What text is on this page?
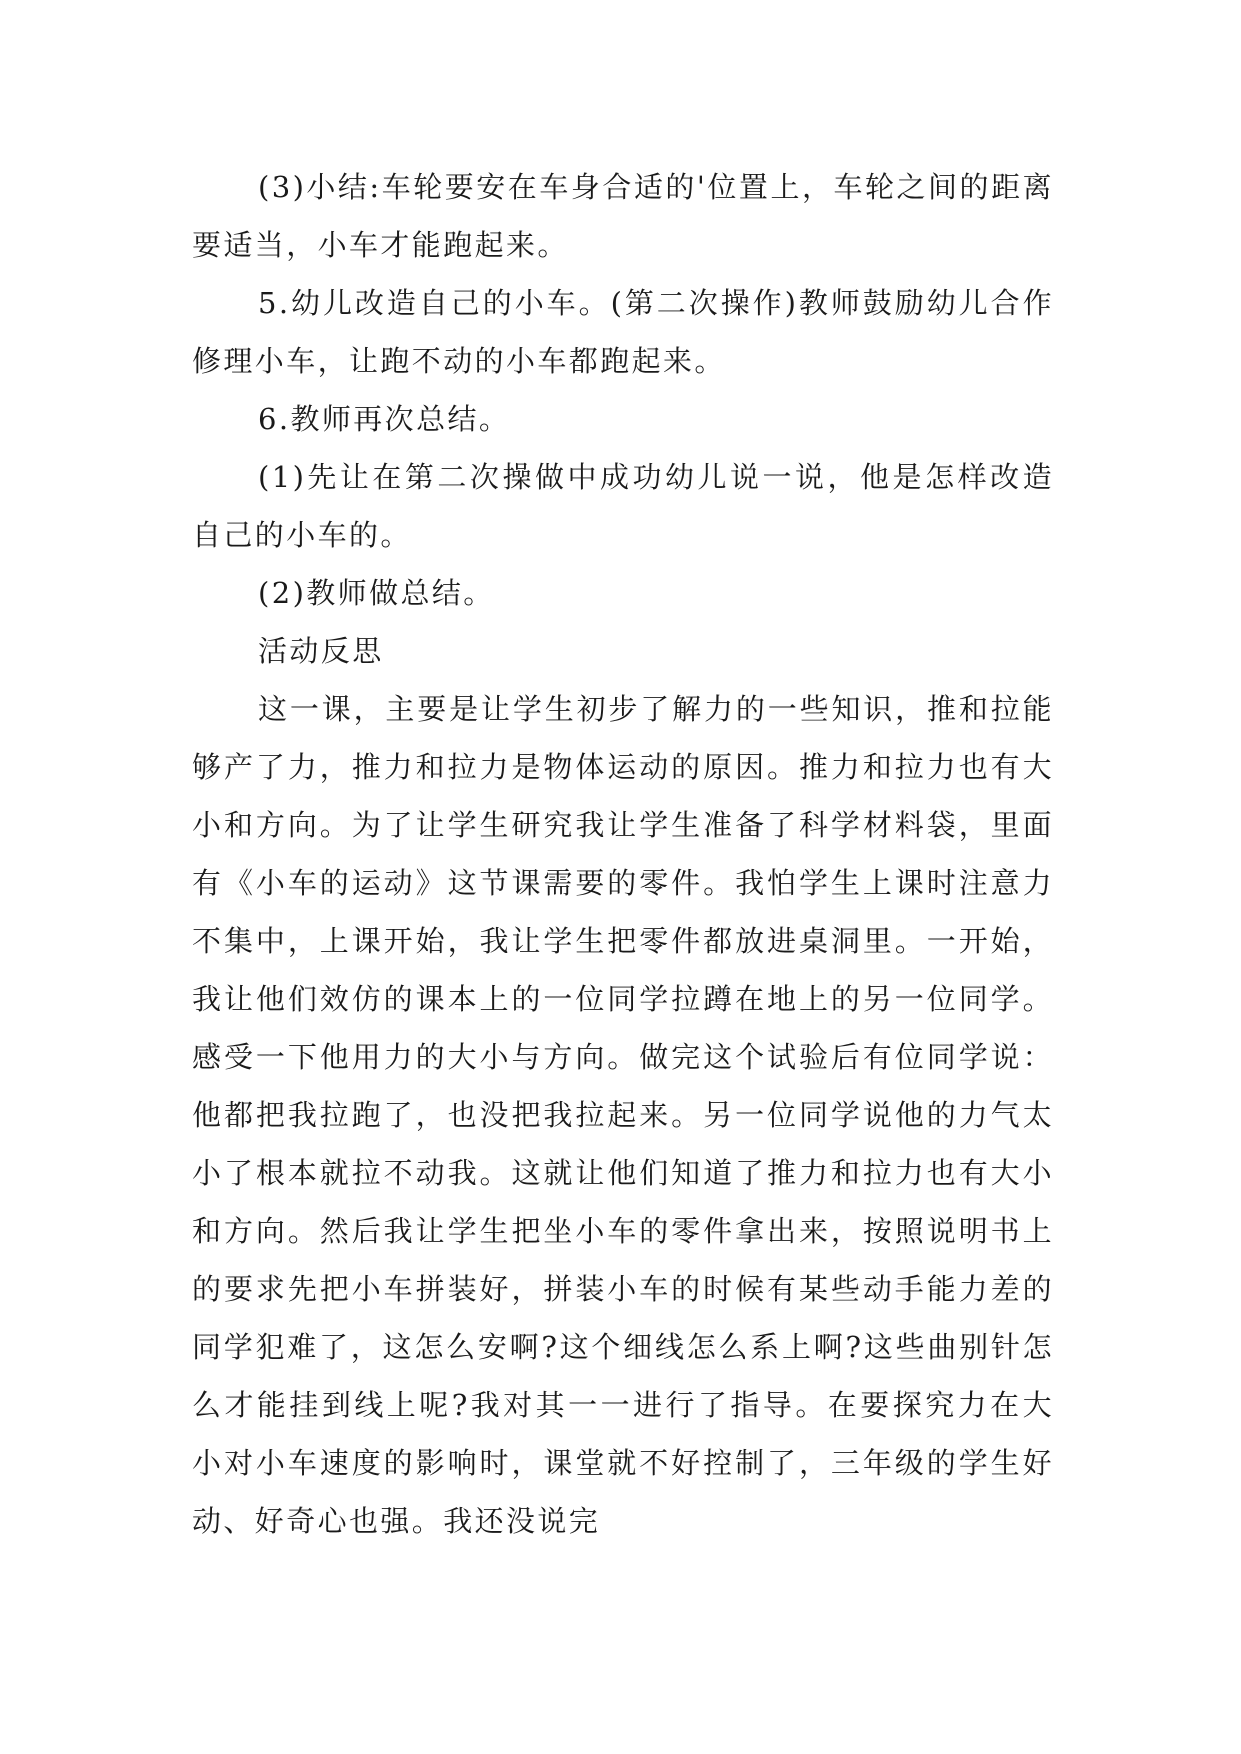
(3)小结:车轮要安在车身合适的'位置上，车轮之间的距离要适当，小车才能跑起来。

5.幼儿改造自己的小车。(第二次操作)教师鼓励幼儿合作修理小车，让跑不动的小车都跑起来。

6.教师再次总结。

(1)先让在第二次操做中成功幼儿说一说，他是怎样改造自己的小车的。

(2)教师做总结。

活动反思

这一课，主要是让学生初步了解力的一些知识，推和拉能够产了力，推力和拉力是物体运动的原因。推力和拉力也有大小和方向。为了让学生研究我让学生准备了科学材料袋，里面有《小车的运动》这节课需要的零件。我怕学生上课时注意力不集中，上课开始，我让学生把零件都放进桌洞里。一开始，我让他们效仿的课本上的一位同学拉蹲在地上的另一位同学。感受一下他用力的大小与方向。做完这个试验后有位同学说：他都把我拉跑了，也没把我拉起来。另一位同学说他的力气太小了根本就拉不动我。这就让他们知道了推力和拉力也有大小和方向。然后我让学生把坐小车的零件拿出来，按照说明书上的要求先把小车拼装好，拼装小车的时候有某些动手能力差的同学犯难了，这怎么安啊?这个细线怎么系上啊?这些曲别针怎么才能挂到线上呢?我对其一一进行了指导。在要探究力在大小对小车速度的影响时，课堂就不好控制了，三年级的学生好动、好奇心也强。我还没说完
